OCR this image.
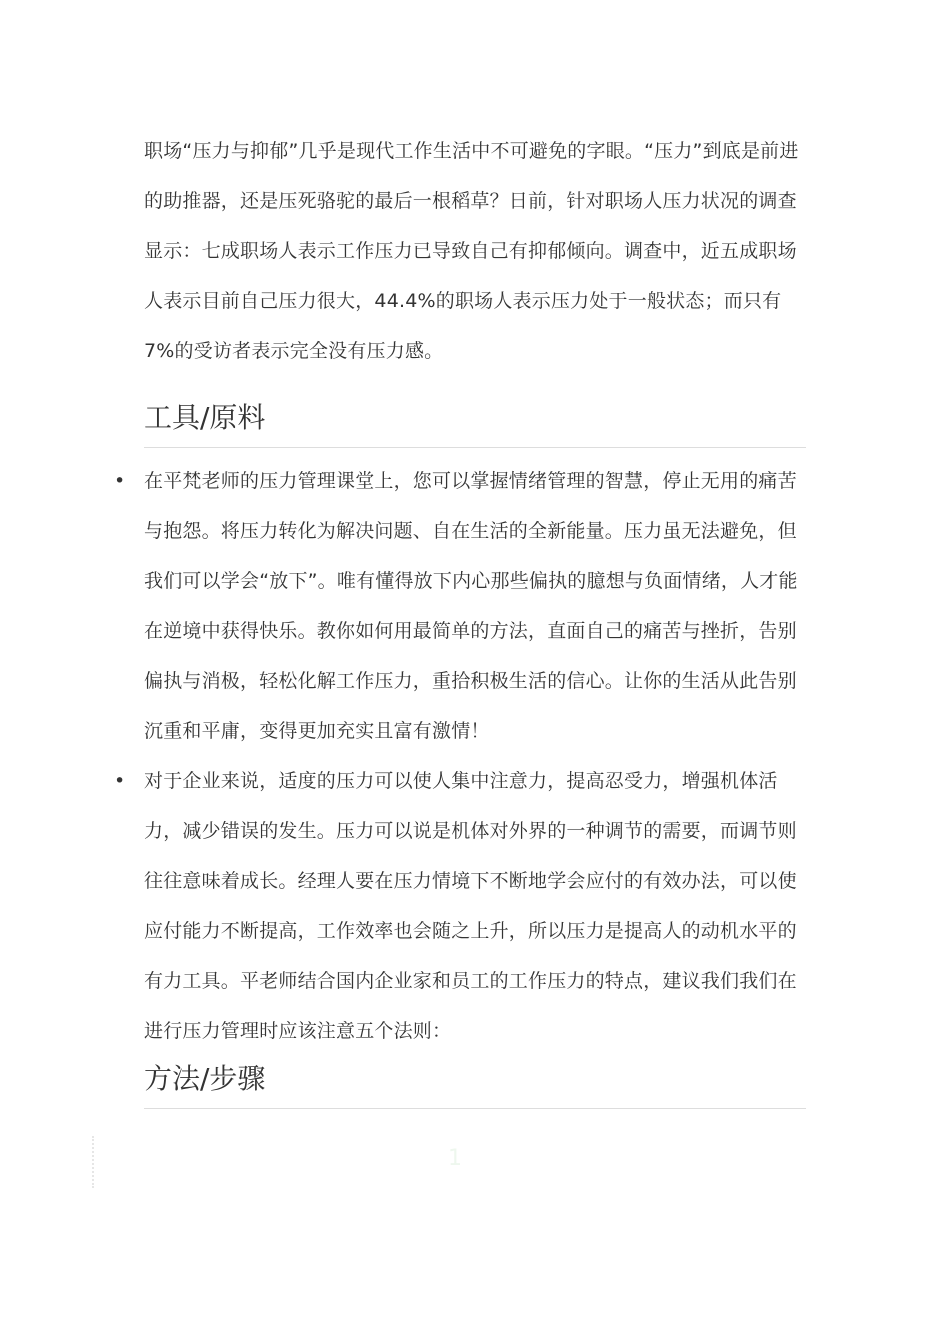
职场“压力与抑郁”几乎是现代工作生活中不可避免的字眼。“压力”到底是前进的助推器，还是压死骆驼的最后一根稻草？日前，针对职场人压力状况的调查显示：七成职场人表示工作压力已导致自己有抑郁倾向。调查中，近五成职场人表示目前自己压力很大，44.4%的职场人表示压力处于一般状态；而只有 7%的受访者表示完全没有压力感。

工具/原料
• 在平梵老师的压力管理课堂上，您可以掌握情绪管理的智慧，停止无用的痛苦与抱怨。将压力转化为解决问题、自在生活的全新能量。压力虽无法避免，但我们可以学会“放下”。唯有懂得放下内心那些偏执的臆想与负面情绪，人才能在逆境中获得快乐。教你如何用最简单的方法，直面自己的痛苦与挫折，告别偏执与消极，轻松化解工作压力，重拾积极生活的信心。让你的生活从此告别沉重和平庸，变得更加充实且富有激情！
• 对于企业来说，适度的压力可以使人集中注意力，提高忍受力，增强机体活力，减少错误的发生。压力可以说是机体对外界的一种调节的需要，而调节则往往意味着成长。经理人要在压力情境下不断地学会应付的有效办法，可以使应付能力不断提高，工作效率也会随之上升，所以压力是提高人的动机水平的有力工具。平老师结合国内企业家和员工的工作压力的特点，建议我们我们在进行压力管理时应该注意五个法则：
方法/步骤
1
